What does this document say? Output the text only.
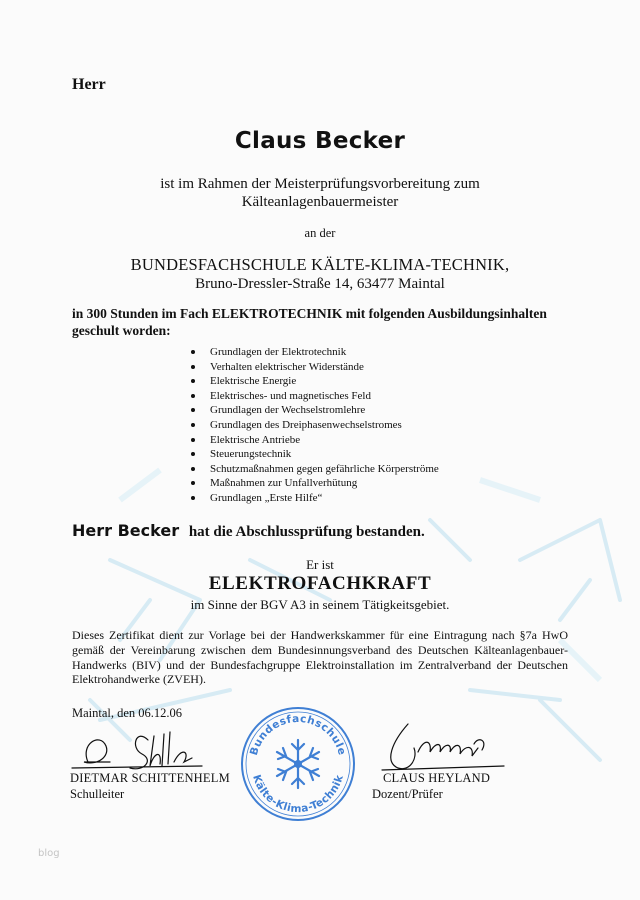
Herr
Claus Becker
ist im Rahmen der Meisterprüfungsvorbereitung zum
Kälteanlagenbauermeister
an der
BUNDESFACHSCHULE KÄLTE-KLIMA-TECHNIK,
Bruno-Dressler-Straße 14, 63477 Maintal
in 300 Stunden im Fach ELEKTROTECHNIK mit folgenden Ausbildungsinhalten
geschult worden:
Grundlagen der Elektrotechnik
Verhalten elektrischer Widerstände
Elektrische Energie
Elektrisches- und magnetisches Feld
Grundlagen der Wechselstromlehre
Grundlagen des Dreiphasenwechselstromes
Elektrische Antriebe
Steuerungstechnik
Schutzmaßnahmen gegen gefährliche Körperströme
Maßnahmen zur Unfallverhütung
Grundlagen „Erste Hilfe“
Herr Becker hat die Abschlussprüfung bestanden.
Er ist
ELEKTROFACHKRAFT
im Sinne der BGV A3 in seinem Tätigkeitsgebiet.
Dieses Zertifikat dient zur Vorlage bei der Handwerkskammer für eine Eintragung nach §7a HwO gemäß der Vereinbarung zwischen dem Bundesinnungsverband des Deutschen Kälteanlagenbauer-Handwerks (BIV) und der Bundesfachgruppe Elektroinstallation im Zentralverband der Deutschen Elektrohandwerke (ZVEH).
Maintal, den 06.12.06
DIETMAR SCHITTENHELM
Schulleiter
Bundesfachschule
Kälte-Klima-Technik	CLAUS HEYLAND
Dozent/Prüfer
blog
